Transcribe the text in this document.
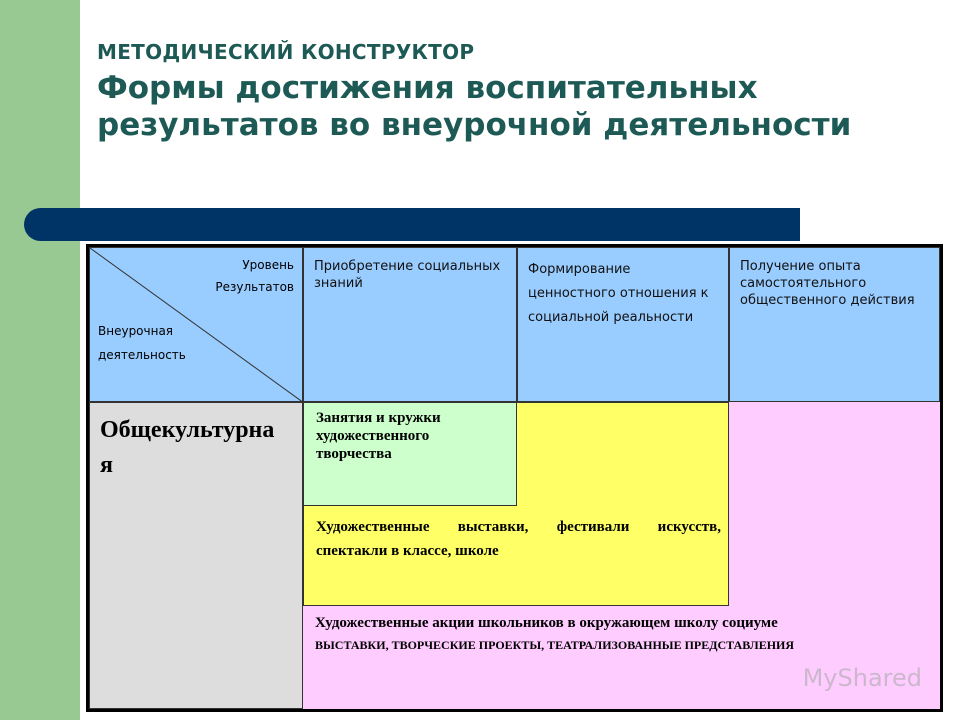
МЕТОДИЧЕСКИЙ КОНСТРУКТОР
Формы достижения воспитательных результатов во внеурочной деятельности
Уровень
Результатов
Внеурочная
деятельность
Приобретение социальных знаний
Формирование ценностного отношения к социальной реальности
Получение опыта самостоятельного общественного действия
Общекультурная
Художественные акции школьников в окружающем школу социуме
ВЫСТАВКИ, ТВОРЧЕСКИЕ ПРОЕКТЫ, ТЕАТРАЛИЗОВАННЫЕ ПРЕДСТАВЛЕНИЯ
Художественные выставки, фестивали искусств, спектакли в классе, школе
Занятия и кружки художественного творчества
MyShared
